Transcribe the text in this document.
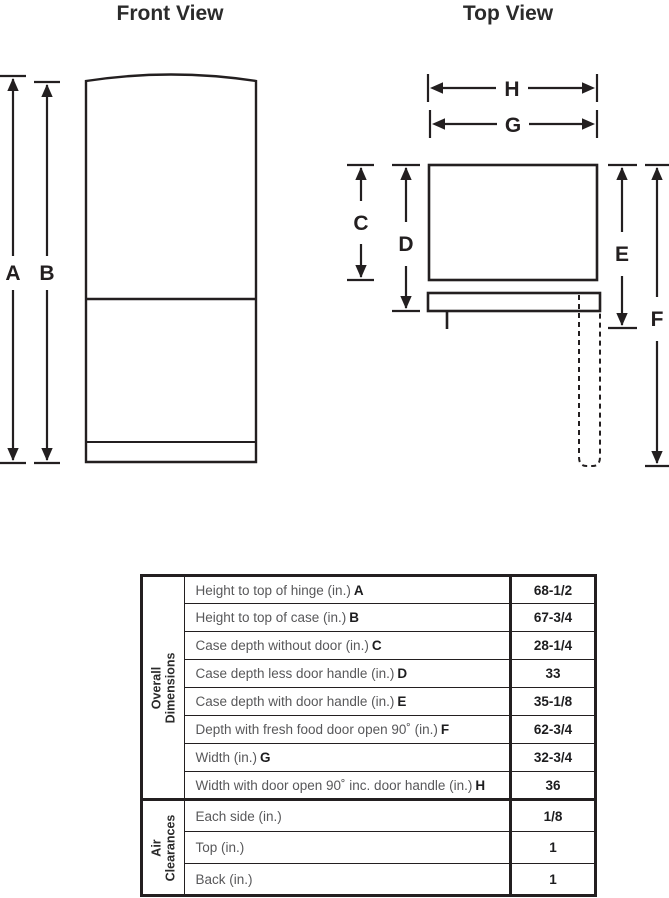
Front View	Top View
A B
H
G
C
D	E
F
Overall Dimensions	Height to top of hinge (in.) A	68-1/2
	Height to top of case (in.) B	67-3/4
	Case depth without door (in.) C	28-1/4
	Case depth less door handle (in.) D	33
	Case depth with door handle (in.) E	35-1/8
	Depth with fresh food door open 90˚ (in.) F	62-3/4
	Width (in.) G	32-3/4
	Width with door open 90˚ inc. door handle (in.) H	36

Air Clearances	Each side (in.)	1/8
	Top (in.)	1
	Back (in.)	1
